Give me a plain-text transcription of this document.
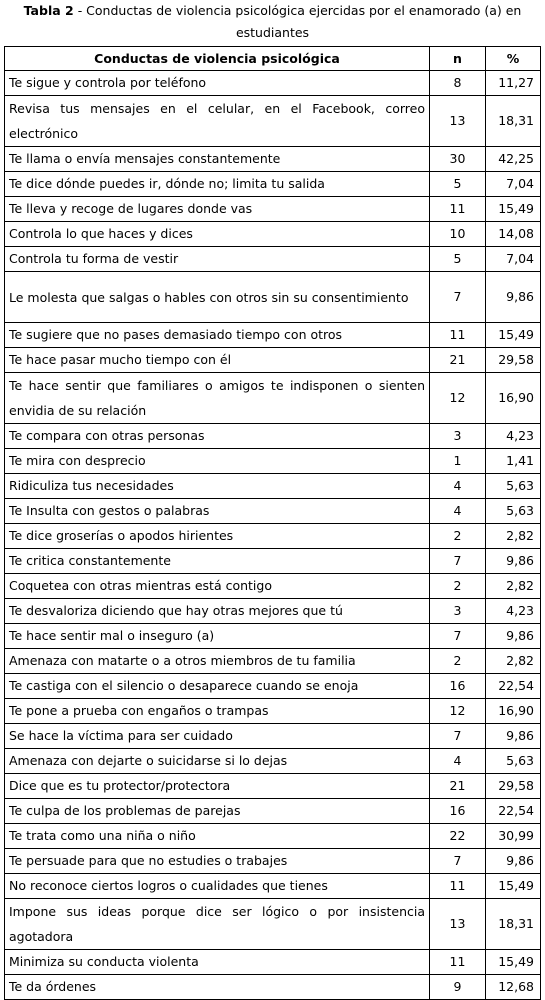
Tabla 2 - Conductas de violencia psicológica ejercidas por el enamorado (a) en estudiantes
Conductas de violencia psicológica	n	%
Te sigue y controla por teléfono	8	11,27
Revisa tus mensajes en el celular, en el Facebook, correo electrónico	13	18,31
Te llama o envía mensajes constantemente	30	42,25
Te dice dónde puedes ir, dónde no; limita tu salida	5	7,04
Te lleva y recoge de lugares donde vas	11	15,49
Controla lo que haces y dices	10	14,08
Controla tu forma de vestir	5	7,04
Le molesta que salgas o hables con otros sin su consentimiento	7	9,86
Te sugiere que no pases demasiado tiempo con otros	11	15,49
Te hace pasar mucho tiempo con él	21	29,58
Te hace sentir que familiares o amigos te indisponen o sienten envidia de su relación	12	16,90
Te compara con otras personas	3	4,23
Te mira con desprecio	1	1,41
Ridiculiza tus necesidades	4	5,63
Te Insulta con gestos o palabras	4	5,63
Te dice groserías o apodos hirientes	2	2,82
Te critica constantemente	7	9,86
Coquetea con otras mientras está contigo	2	2,82
Te desvaloriza diciendo que hay otras mejores que tú	3	4,23
Te hace sentir mal o inseguro (a)	7	9,86
Amenaza con matarte o a otros miembros de tu familia	2	2,82
Te castiga con el silencio o desaparece cuando se enoja	16	22,54
Te pone a prueba con engaños o trampas	12	16,90
Se hace la víctima para ser cuidado	7	9,86
Amenaza con dejarte o suicidarse si lo dejas	4	5,63
Dice que es tu protector/protectora	21	29,58
Te culpa de los problemas de parejas	16	22,54
Te trata como una niña o niño	22	30,99
Te persuade para que no estudies o trabajes	7	9,86
No reconoce ciertos logros o cualidades que tienes	11	15,49
Impone sus ideas porque dice ser lógico o por insistencia agotadora	13	18,31
Minimiza su conducta violenta	11	15,49
Te da órdenes	9	12,68
